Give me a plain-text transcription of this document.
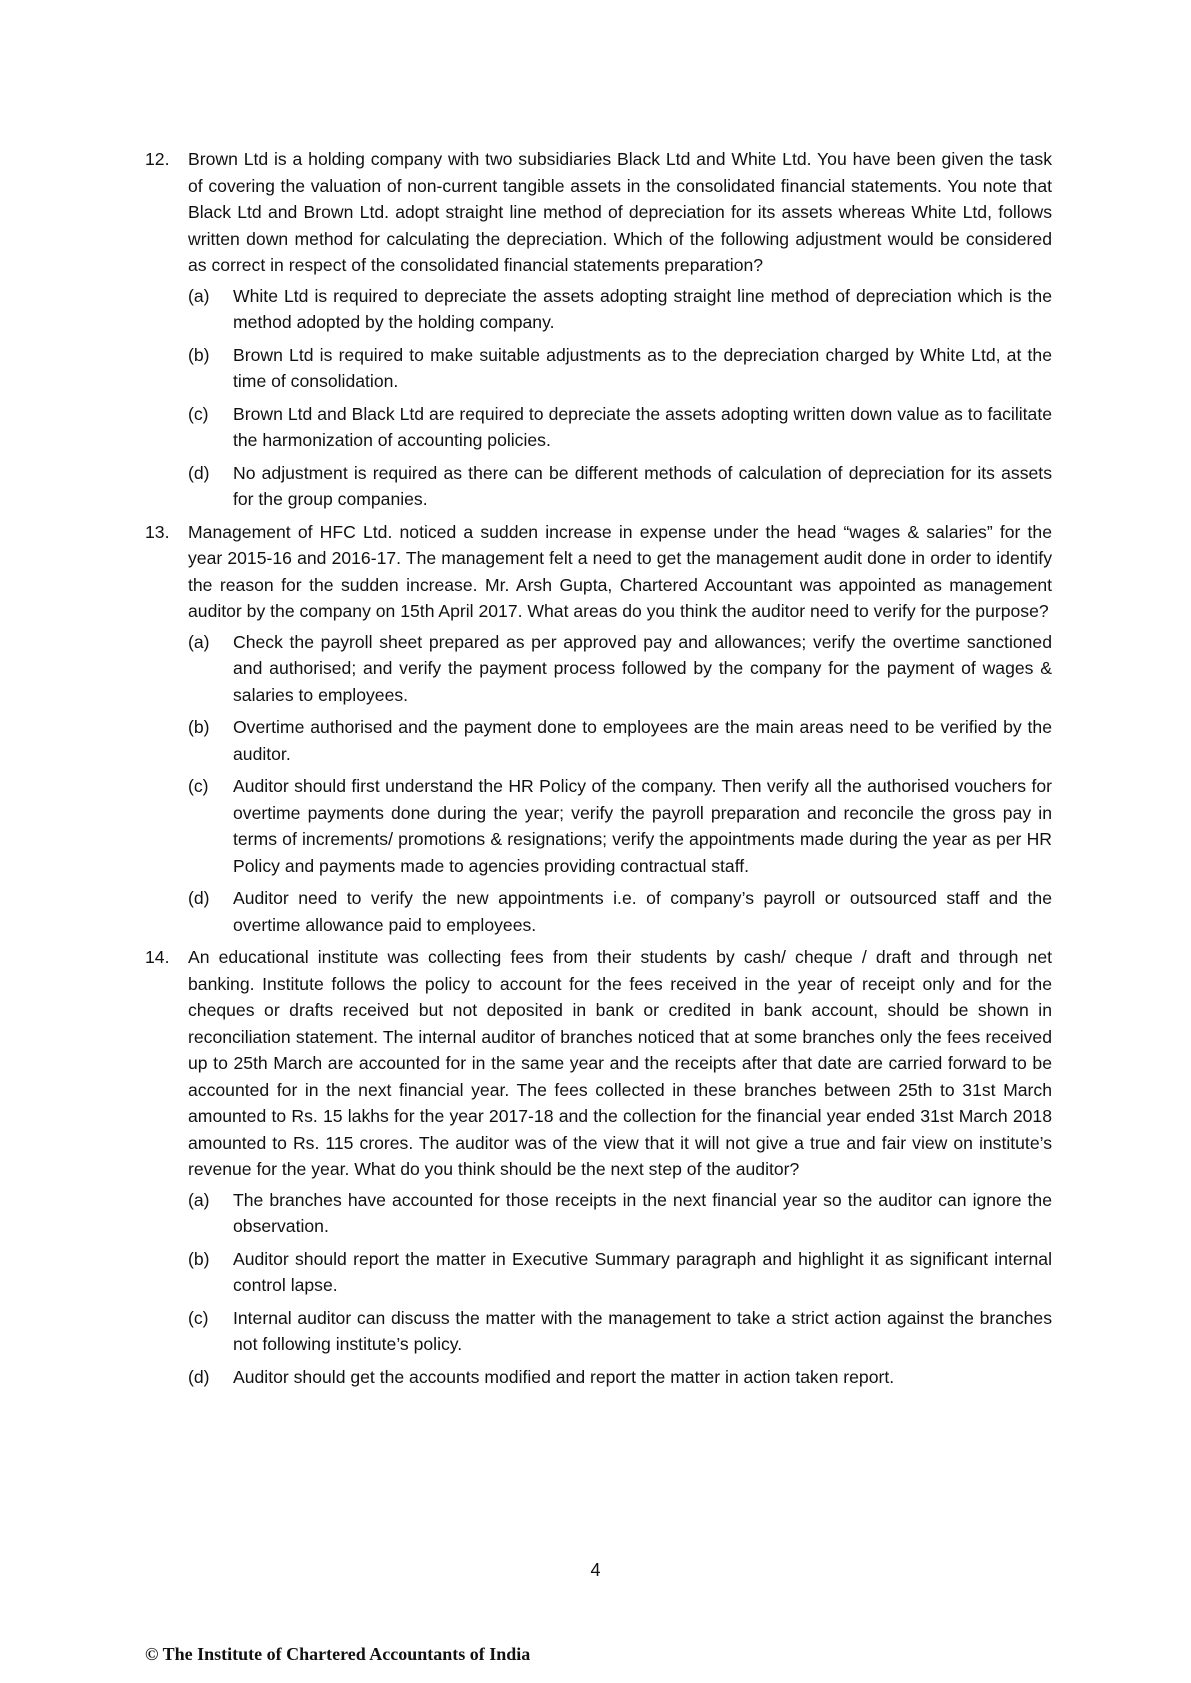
12.	Brown Ltd is a holding company with two subsidiaries Black Ltd and White Ltd. You have been given the task of covering the valuation of non-current tangible assets in the consolidated financial statements. You note that Black Ltd and Brown Ltd. adopt straight line method of depreciation for its assets whereas White Ltd, follows written down method for calculating the depreciation. Which of the following adjustment would be considered as correct in respect of the consolidated financial statements preparation?

(a) White Ltd is required to depreciate the assets adopting straight line method of depreciation which is the method adopted by the holding company.
(b) Brown Ltd is required to make suitable adjustments as to the depreciation charged by White Ltd, at the time of consolidation.
(c) Brown Ltd and Black Ltd are required to depreciate the assets adopting written down value as to facilitate the harmonization of accounting policies.
(d) No adjustment is required as there can be different methods of calculation of depreciation for its assets for the group companies.
13.	Management of HFC Ltd. noticed a sudden increase in expense under the head “wages & salaries” for the year 2015-16 and 2016-17. The management felt a need to get the management audit done in order to identify the reason for the sudden increase. Mr. Arsh Gupta, Chartered Accountant was appointed as management auditor by the company on 15th April 2017. What areas do you think the auditor need to verify for the purpose?

(a) Check the payroll sheet prepared as per approved pay and allowances; verify the overtime sanctioned and authorised; and verify the payment process followed by the company for the payment of wages & salaries to employees.
(b) Overtime authorised and the payment done to employees are the main areas need to be verified by the auditor.
(c) Auditor should first understand the HR Policy of the company. Then verify all the authorised vouchers for overtime payments done during the year; verify the payroll preparation and reconcile the gross pay in terms of increments/ promotions & resignations; verify the appointments made during the year as per HR Policy and payments made to agencies providing contractual staff.
(d) Auditor need to verify the new appointments i.e. of company’s payroll or outsourced staff and the overtime allowance paid to employees.
14.	An educational institute was collecting fees from their students by cash/ cheque / draft and through net banking. Institute follows the policy to account for the fees received in the year of receipt only and for the cheques or drafts received but not deposited in bank or credited in bank account, should be shown in reconciliation statement. The internal auditor of branches noticed that at some branches only the fees received up to 25th March are accounted for in the same year and the receipts after that date are carried forward to be accounted for in the next financial year. The fees collected in these branches between 25th to 31st March amounted to Rs. 15 lakhs for the year 2017-18 and the collection for the financial year ended 31st March 2018 amounted to Rs. 115 crores. The auditor was of the view that it will not give a true and fair view on institute’s revenue for the year. What do you think should be the next step of the auditor?

(a) The branches have accounted for those receipts in the next financial year so the auditor can ignore the observation.
(b) Auditor should report the matter in Executive Summary paragraph and highlight it as significant internal control lapse.
(c) Internal auditor can discuss the matter with the management to take a strict action against the branches not following institute’s policy.
(d) Auditor should get the accounts modified and report the matter in action taken report.
4
© The Institute of Chartered Accountants of India
